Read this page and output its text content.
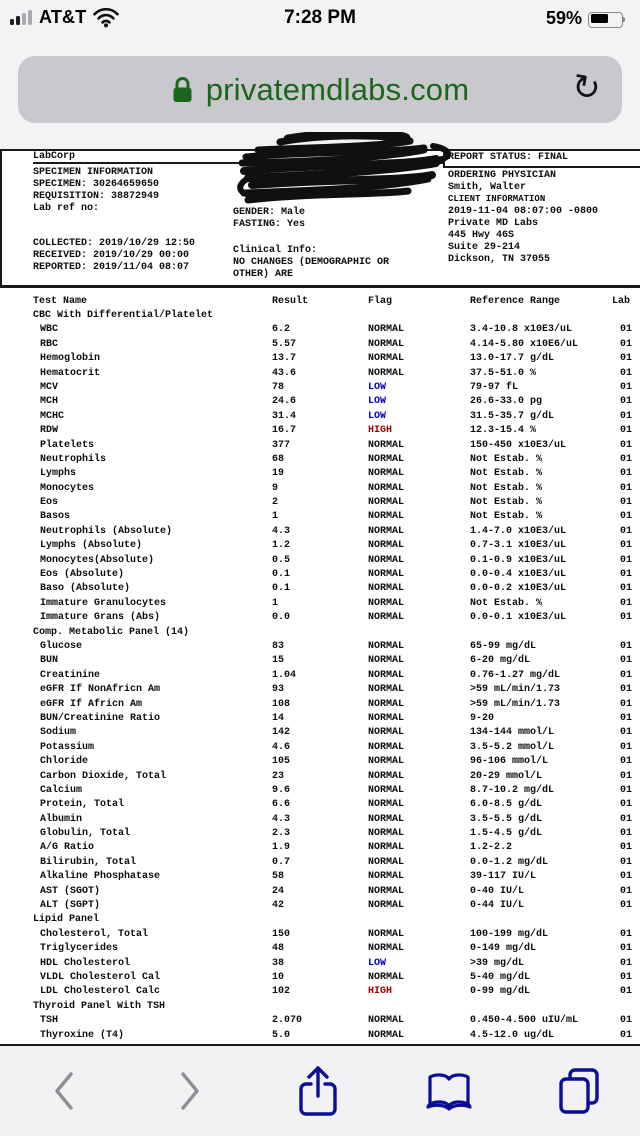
AT&T	7:28 PM	59%
privatemdlabs.com	↻
LabCorp	REPORT STATUS: FINAL
SPECIMEN INFORMATION
SPECIMEN: 30264659650
REQUISITION: 38872949
Lab ref no:
COLLECTED: 2019/10/29 12:50
RECEIVED: 2019/10/29 00:00
REPORTED: 2019/11/04 08:07
TION
GENDER: Male
FASTING: Yes
Clinical Info:
NO CHANGES (DEMOGRAPHIC OR
OTHER) ARE
ORDERING PHYSICIAN
Smith, Walter
CLIENT INFORMATION
2019-11-04 08:07:00 -0800
Private MD Labs
445 Hwy 46S
Suite 29-214
Dickson, TN 37055
Test Name	Result	Flag	Reference Range	Lab
CBC With Differential/Platelet
WBC	6.2	NORMAL	3.4-10.8 x10E3/uL	01
RBC	5.57	NORMAL	4.14-5.80 x10E6/uL	01
Hemoglobin	13.7	NORMAL	13.0-17.7 g/dL	01
Hematocrit	43.6	NORMAL	37.5-51.0 %	01
MCV	78	LOW	79-97 fL	01
MCH	24.6	LOW	26.6-33.0 pg	01
MCHC	31.4	LOW	31.5-35.7 g/dL	01
RDW	16.7	HIGH	12.3-15.4 %	01
Platelets	377	NORMAL	150-450 x10E3/uL	01
Neutrophils	68	NORMAL	Not Estab. %	01
Lymphs	19	NORMAL	Not Estab. %	01
Monocytes	9	NORMAL	Not Estab. %	01
Eos	2	NORMAL	Not Estab. %	01
Basos	1	NORMAL	Not Estab. %	01
Neutrophils (Absolute)	4.3	NORMAL	1.4-7.0 x10E3/uL	01
Lymphs (Absolute)	1.2	NORMAL	0.7-3.1 x10E3/uL	01
Monocytes(Absolute)	0.5	NORMAL	0.1-0.9 x10E3/uL	01
Eos (Absolute)	0.1	NORMAL	0.0-0.4 x10E3/uL	01
Baso (Absolute)	0.1	NORMAL	0.0-0.2 x10E3/uL	01
Immature Granulocytes	1	NORMAL	Not Estab. %	01
Immature Grans (Abs)	0.0	NORMAL	0.0-0.1 x10E3/uL	01
Comp. Metabolic Panel (14)
Glucose	83	NORMAL	65-99 mg/dL	01
BUN	15	NORMAL	6-20 mg/dL	01
Creatinine	1.04	NORMAL	0.76-1.27 mg/dL	01
eGFR If NonAfricn Am	93	NORMAL	>59 mL/min/1.73	01
eGFR If Africn Am	108	NORMAL	>59 mL/min/1.73	01
BUN/Creatinine Ratio	14	NORMAL	9-20	01
Sodium	142	NORMAL	134-144 mmol/L	01
Potassium	4.6	NORMAL	3.5-5.2 mmol/L	01
Chloride	105	NORMAL	96-106 mmol/L	01
Carbon Dioxide, Total	23	NORMAL	20-29 mmol/L	01
Calcium	9.6	NORMAL	8.7-10.2 mg/dL	01
Protein, Total	6.6	NORMAL	6.0-8.5 g/dL	01
Albumin	4.3	NORMAL	3.5-5.5 g/dL	01
Globulin, Total	2.3	NORMAL	1.5-4.5 g/dL	01
A/G Ratio	1.9	NORMAL	1.2-2.2	01
Bilirubin, Total	0.7	NORMAL	0.0-1.2 mg/dL	01
Alkaline Phosphatase	58	NORMAL	39-117 IU/L	01
AST (SGOT)	24	NORMAL	0-40 IU/L	01
ALT (SGPT)	42	NORMAL	0-44 IU/L	01
Lipid Panel
Cholesterol, Total	150	NORMAL	100-199 mg/dL	01
Triglycerides	48	NORMAL	0-149 mg/dL	01
HDL Cholesterol	38	LOW	>39 mg/dL	01
VLDL Cholesterol Cal	10	NORMAL	5-40 mg/dL	01
LDL Cholesterol Calc	102	HIGH	0-99 mg/dL	01
Thyroid Panel With TSH
TSH	2.070	NORMAL	0.450-4.500 uIU/mL	01
Thyroxine (T4)	5.0	NORMAL	4.5-12.0 ug/dL	01
